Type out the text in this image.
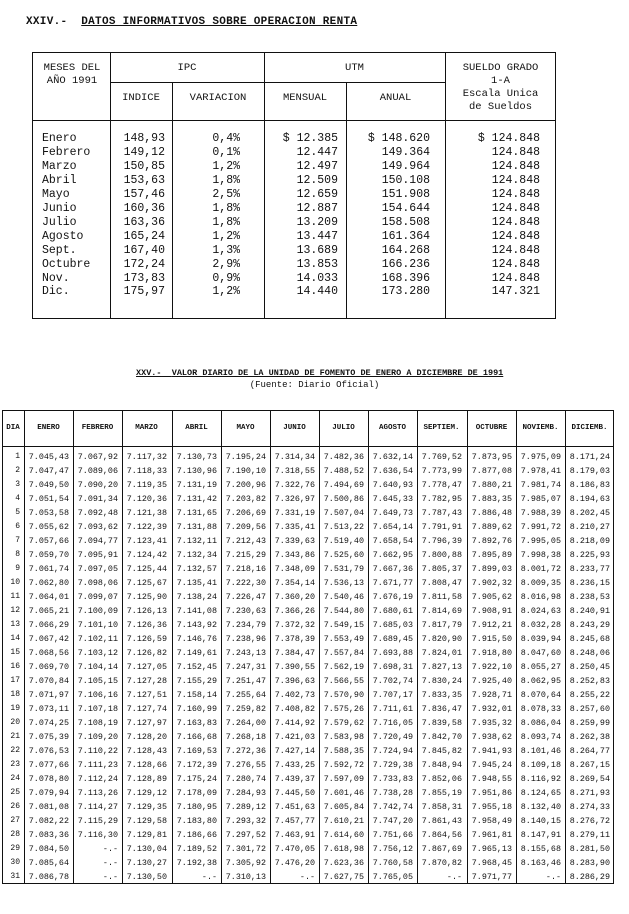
XXIV.- DATOS INFORMATIVOS SOBRE OPERACION RENTA
MESES DEL
AÑO 1991
IPC	UTM	SUELDO GRADO
1-A
Escala Unica
de Sueldos
INDICE	VARIACION	MENSUAL	ANUAL
Enero	148,93	0,4%	$ 12.385	$ 148.620	$ 124.848
Febrero	149,12	0,1%	12.447	149.364	124.848
Marzo	150,85	1,2%	12.497	149.964	124.848
Abril	153,63	1,8%	12.509	150.108	124.848
Mayo	157,46	2,5%	12.659	151.908	124.848
Junio	160,36	1,8%	12.887	154.644	124.848
Julio	163,36	1,8%	13.209	158.508	124.848
Agosto	165,24	1,2%	13.447	161.364	124.848
Sept.	167,40	1,3%	13.689	164.268	124.848
Octubre	172,24	2,9%	13.853	166.236	124.848
Nov.	173,83	0,9%	14.033	168.396	124.848
Dic.	175,97	1,2%	14.440	173.280	147.321
XXV.- VALOR DIARIO DE LA UNIDAD DE FOMENTO DE ENERO A DICIEMBRE DE 1991
(Fuente: Diario Oficial)
DIA	ENERO	FEBRERO	MARZO	ABRIL	MAYO	JUNIO	JULIO	AGOSTO	SEPTIEM.	OCTUBRE	NOVIEMB.	DICIEMB.
1	7.045,43	7.067,92	7.117,32	7.130,73	7.195,24	7.314,34	7.482,36	7.632,14	7.769,52	7.873,95	7.975,09	8.171,24
2	7.047,47	7.089,06	7.118,33	7.130,96	7.190,10	7.318,55	7.488,52	7.636,54	7.773,99	7.877,08	7.978,41	8.179,03
3	7.049,50	7.090,20	7.119,35	7.131,19	7.200,96	7.322,76	7.494,69	7.640,93	7.778,47	7.880,21	7.981,74	8.186,83
4	7.051,54	7.091,34	7.120,36	7.131,42	7.203,82	7.326,97	7.500,86	7.645,33	7.782,95	7.883,35	7.985,07	8.194,63
5	7.053,58	7.092,48	7.121,38	7.131,65	7.206,69	7.331,19	7.507,04	7.649,73	7.787,43	7.886,48	7.988,39	8.202,45
6	7.055,62	7.093,62	7.122,39	7.131,88	7.209,56	7.335,41	7.513,22	7.654,14	7.791,91	7.889,62	7.991,72	8.210,27
7	7.057,66	7.094,77	7.123,41	7.132,11	7.212,43	7.339,63	7.519,40	7.658,54	7.796,39	7.892,76	7.995,05	8.218,09
8	7.059,70	7.095,91	7.124,42	7.132,34	7.215,29	7.343,86	7.525,60	7.662,95	7.800,88	7.895,89	7.998,38	8.225,93
9	7.061,74	7.097,05	7.125,44	7.132,57	7.218,16	7.348,09	7.531,79	7.667,36	7.805,37	7.899,03	8.001,72	8.233,77
10	7.062,80	7.098,06	7.125,67	7.135,41	7.222,30	7.354,14	7.536,13	7.671,77	7.808,47	7.902,32	8.009,35	8.236,15
11	7.064,01	7.099,07	7.125,90	7.138,24	7.226,47	7.360,20	7.540,46	7.676,19	7.811,58	7.905,62	8.016,98	8.238,53
12	7.065,21	7.100,09	7.126,13	7.141,08	7.230,63	7.366,26	7.544,80	7.680,61	7.814,69	7.908,91	8.024,63	8.240,91
13	7.066,29	7.101,10	7.126,36	7.143,92	7.234,79	7.372,32	7.549,15	7.685,03	7.817,79	7.912,21	8.032,28	8.243,29
14	7.067,42	7.102,11	7.126,59	7.146,76	7.238,96	7.378,39	7.553,49	7.689,45	7.820,90	7.915,50	8.039,94	8.245,68
15	7.068,56	7.103,12	7.126,82	7.149,61	7.243,13	7.384,47	7.557,84	7.693,88	7.824,01	7.918,80	8.047,60	8.248,06
16	7.069,70	7.104,14	7.127,05	7.152,45	7.247,31	7.390,55	7.562,19	7.698,31	7.827,13	7.922,10	8.055,27	8.250,45
17	7.070,84	7.105,15	7.127,28	7.155,29	7.251,47	7.396,63	7.566,55	7.702,74	7.830,24	7.925,40	8.062,95	8.252,83
18	7.071,97	7.106,16	7.127,51	7.158,14	7.255,64	7.402,73	7.570,90	7.707,17	7.833,35	7.928,71	8.070,64	8.255,22
19	7.073,11	7.107,18	7.127,74	7.160,99	7.259,82	7.408,82	7.575,26	7.711,61	7.836,47	7.932,01	8.078,33	8.257,60
20	7.074,25	7.108,19	7.127,97	7.163,83	7.264,00	7.414,92	7.579,62	7.716,05	7.839,58	7.935,32	8.086,04	8.259,99
21	7.075,39	7.109,20	7.128,20	7.166,68	7.268,18	7.421,03	7.583,98	7.720,49	7.842,70	7.938,62	8.093,74	8.262,38
22	7.076,53	7.110,22	7.128,43	7.169,53	7.272,36	7.427,14	7.588,35	7.724,94	7.845,82	7.941,93	8.101,46	8.264,77
23	7.077,66	7.111,23	7.128,66	7.172,39	7.276,55	7.433,25	7.592,72	7.729,38	7.848,94	7.945,24	8.109,18	8.267,15
24	7.078,80	7.112,24	7.128,89	7.175,24	7.280,74	7.439,37	7.597,09	7.733,83	7.852,06	7.948,55	8.116,92	8.269,54
25	7.079,94	7.113,26	7.129,12	7.178,09	7.284,93	7.445,50	7.601,46	7.738,28	7.855,19	7.951,86	8.124,65	8.271,93
26	7.081,08	7.114,27	7.129,35	7.180,95	7.289,12	7.451,63	7.605,84	7.742,74	7.858,31	7.955,18	8.132,40	8.274,33
27	7.082,22	7.115,29	7.129,58	7.183,80	7.293,32	7.457,77	7.610,21	7.747,20	7.861,43	7.958,49	8.140,15	8.276,72
28	7.083,36	7.116,30	7.129,81	7.186,66	7.297,52	7.463,91	7.614,60	7.751,66	7.864,56	7.961,81	8.147,91	8.279,11
29	7.084,50	-.-	7.130,04	7.189,52	7.301,72	7.470,05	7.618,98	7.756,12	7.867,69	7.965,13	8.155,68	8.281,50
30	7.085,64	-.-	7.130,27	7.192,38	7.305,92	7.476,20	7.623,36	7.760,58	7.870,82	7.968,45	8.163,46	8.283,90
31	7.086,78	-.-	7.130,50	-.-	7.310,13	-.-	7.627,75	7.765,05	-.-	7.971,77	-.-	8.286,29
